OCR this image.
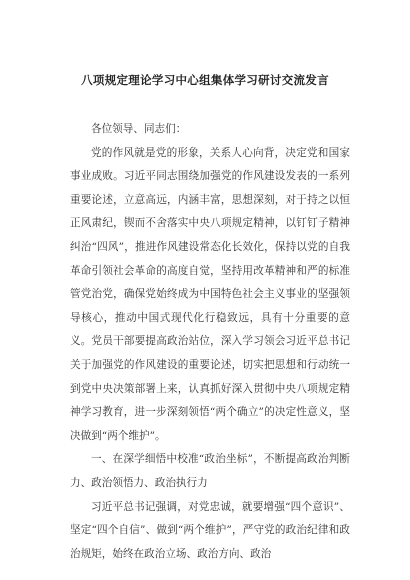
八项规定理论学习中心组集体学习研讨交流发言

各位领导、同志们：

党的作风就是党的形象，关系人心向背，决定党和国家事业成败。习近平同志围绕加强党的作风建设发表的一系列重要论述，立意高远，内涵丰富，思想深刻，对于持之以恒正风肃纪，锲而不舍落实中央八项规定精神，以钉钉子精神纠治“四风”，推进作风建设常态化长效化，保持以党的自我革命引领社会革命的高度自觉，坚持用改革精神和严的标准管党治党，确保党始终成为中国特色社会主义事业的坚强领导核心，推动中国式现代化行稳致远，具有十分重要的意义。党员干部要提高政治站位，深入学习领会习近平总书记关于加强党的作风建设的重要论述，切实把思想和行动统一到党中央决策部署上来，认真抓好深入贯彻中央八项规定精神学习教育，进一步深刻领悟“两个确立”的决定性意义，坚决做到“两个维护”。

一、在深学细悟中校准“政治坐标”，不断提高政治判断力、政治领悟力、政治执行力

习近平总书记强调，对党忠诚，就要增强“四个意识”、坚定“四个自信”、做到“两个维护”，严守党的政治纪律和政治规矩，始终在政治立场、政治方向、政治
